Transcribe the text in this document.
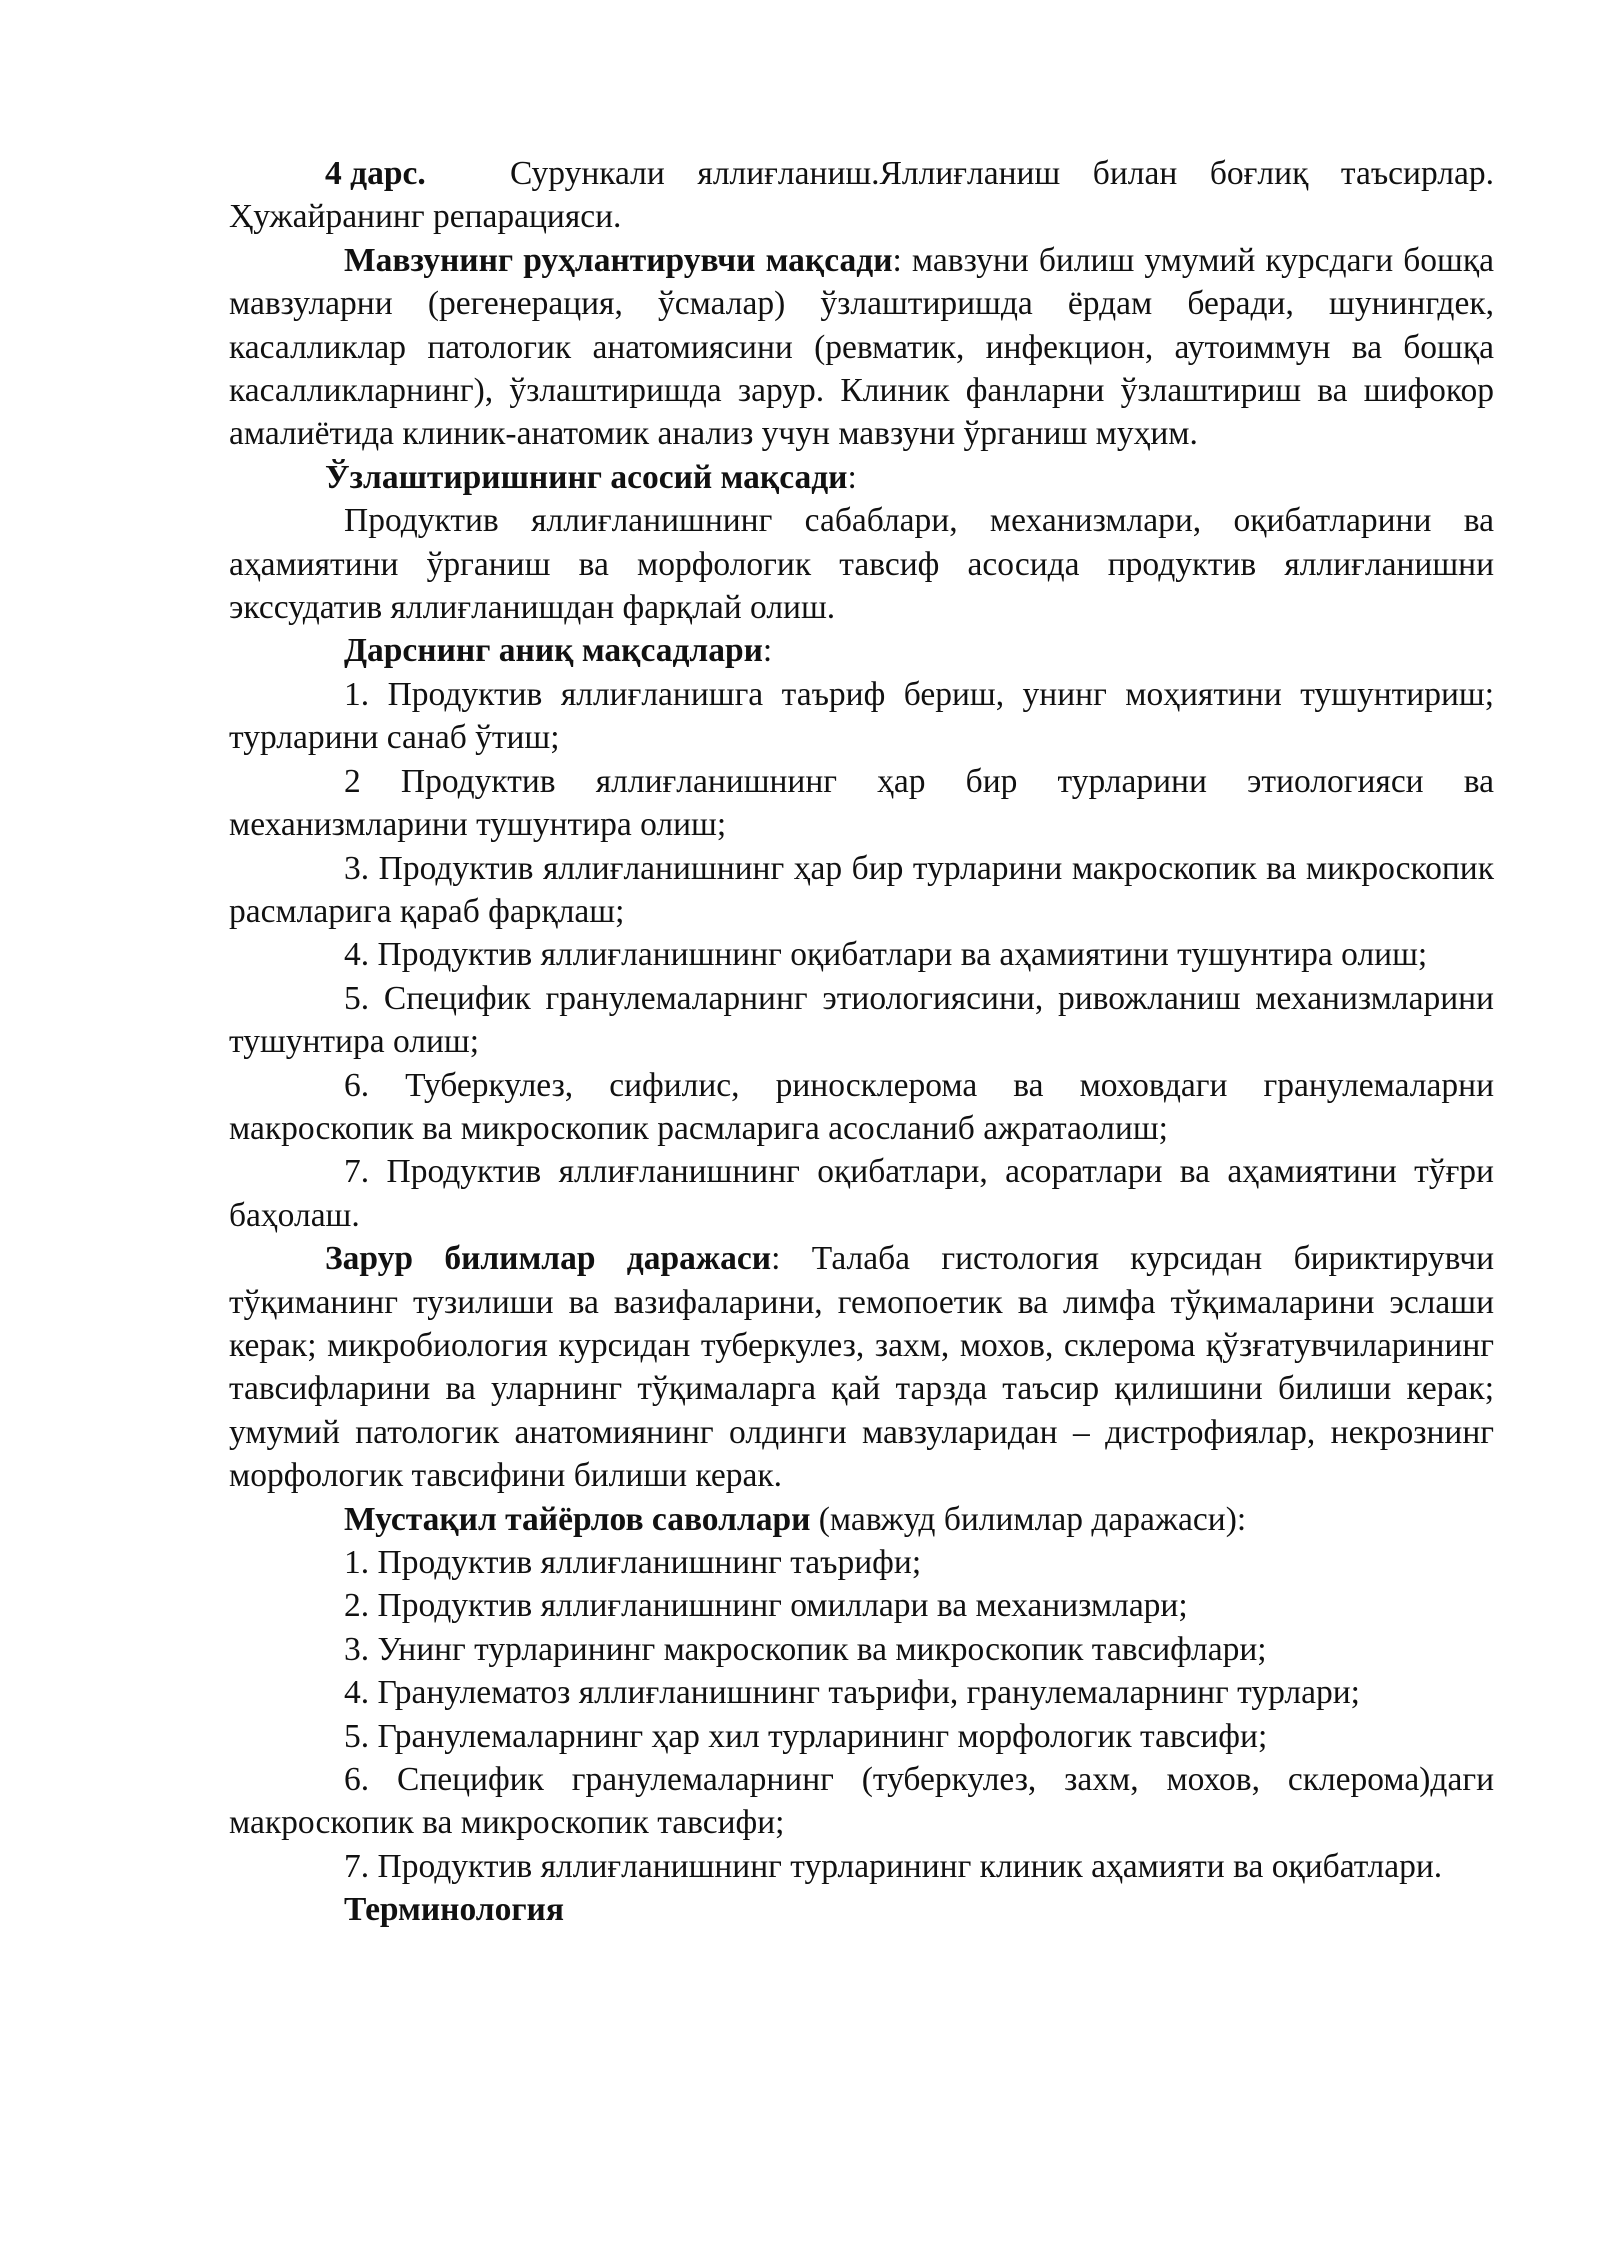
4 дарс.	Сурункали яллиғланиш.Яллиғланиш билан боғлиқ таъсирлар. Ҳужайранинг репарацияси.

Мавзунинг руҳлантирувчи мақсади: мавзуни билиш умумий курсдаги бошқа мавзуларни (регенерация, ўсмалар) ўзлаштиришда ёрдам беради, шунингдек, касалликлар патологик анатомиясини (ревматик, инфекцион, аутоиммун ва бошқа касалликларнинг), ўзлаштиришда зарур. Клиник фанларни ўзлаштириш ва шифокор амалиётида клиник-анатомик анализ учун мавзуни ўрганиш муҳим.

Ўзлаштиришнинг асосий мақсади:

Продуктив яллиғланишнинг сабаблари, механизмлари, оқибатларини ва аҳамиятини ўрганиш ва морфологик тавсиф асосида продуктив яллиғланишни экссудатив яллиғланишдан фарқлай олиш.

Дарснинг аниқ мақсадлари:

1. Продуктив яллиғланишга таъриф бериш, унинг моҳиятини тушунтириш; турларини санаб ўтиш;

2 Продуктив яллиғланишнинг ҳар бир турларини этиологияси ва механизмларини тушунтира олиш;

3. Продуктив яллиғланишнинг ҳар бир турларини макроскопик ва микроскопик расмларига қараб фарқлаш;

4. Продуктив яллиғланишнинг оқибатлари ва аҳамиятини тушунтира олиш;

5. Специфик гранулемаларнинг этиологиясини, ривожланиш механизмларини тушунтира олиш;

6. Туберкулез, сифилис, риносклерома ва моховдаги гранулемаларни макроскопик ва микроскопик расмларига асосланиб ажратаолиш;

7. Продуктив яллиғланишнинг оқибатлари, асоратлари ва аҳамиятини тўғри баҳолаш.

Зарур билимлар даражаси: Талаба гистология курсидан бириктирувчи тўқиманинг тузилиши ва вазифаларини, гемопоетик ва лимфа тўқималарини эслаши керак; микробиология курсидан туберкулез, захм, мохов, склерома қўзғатувчиларининг тавсифларини ва уларнинг тўқималарга қай тарзда таъсир қилишини билиши керак; умумий патологик анатомиянинг олдинги мавзуларидан – дистрофиялар, некрознинг морфологик тавсифини билиши керак.

Мустақил тайёрлов саволлари (мавжуд билимлар даражаси):

1. Продуктив яллиғланишнинг таърифи;

2. Продуктив яллиғланишнинг омиллари ва механизмлари;

3. Унинг турларининг макроскопик ва микроскопик тавсифлари;

4. Гранулематоз яллиғланишнинг таърифи, гранулемаларнинг турлари;

5. Гранулемаларнинг ҳар хил турларининг морфологик тавсифи;

6. Специфик гранулемаларнинг (туберкулез, захм, мохов, склерома)даги макроскопик ва микроскопик тавсифи;

7. Продуктив яллиғланишнинг турларининг клиник аҳамияти ва оқибатлари.

Терминология
